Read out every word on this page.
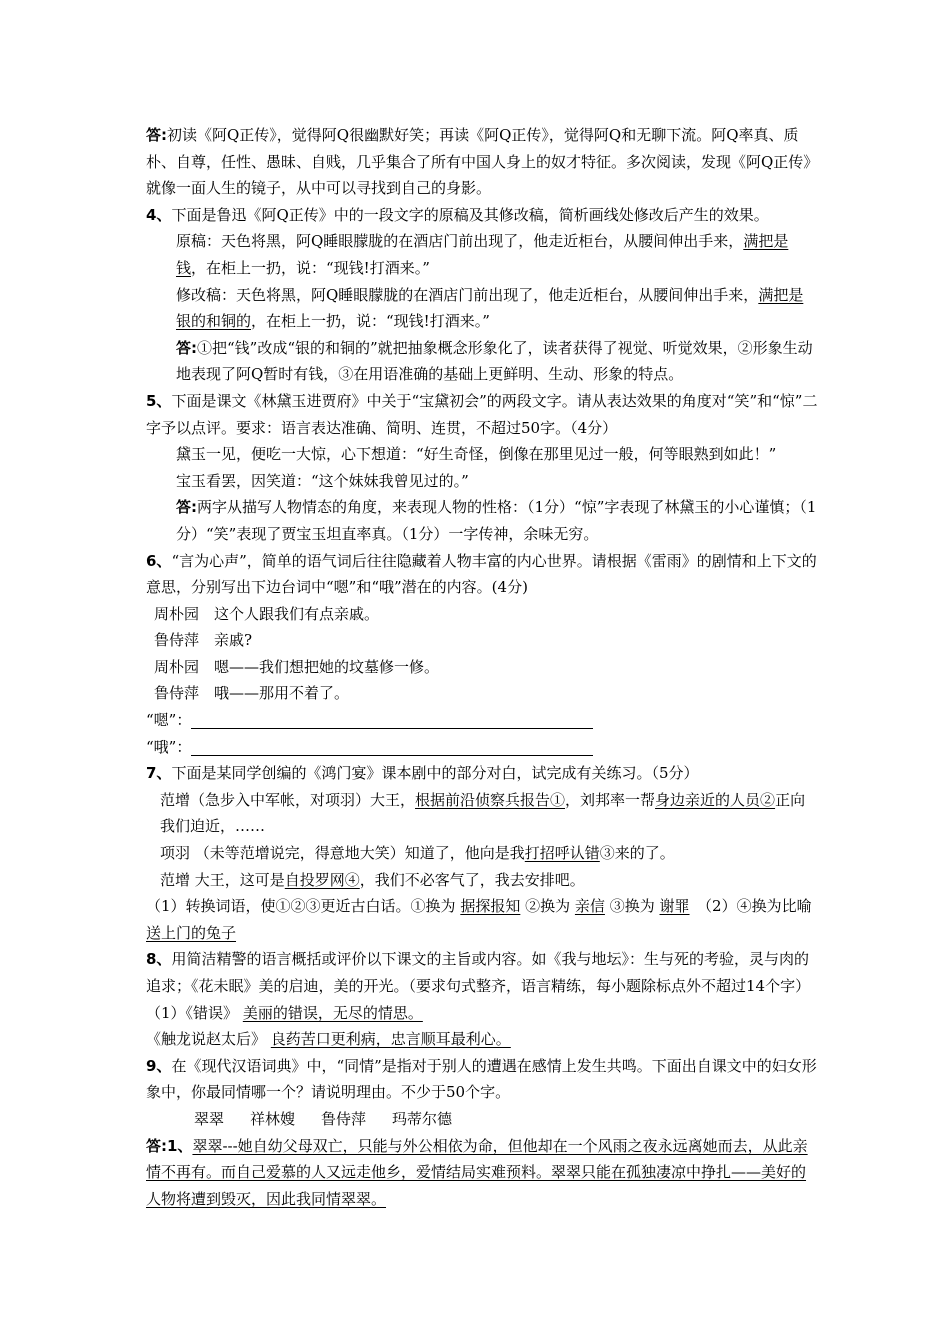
答:初读《阿Q正传》，觉得阿Q很幽默好笑；再读《阿Q正传》，觉得阿Q和无聊下流。阿Q率真、质朴、自尊，任性、愚昧、自贱，几乎集合了所有中国人身上的奴才特征。多次阅读，发现《阿Q正传》就像一面人生的镜子，从中可以寻找到自己的身影。

4、下面是鲁迅《阿Q正传》中的一段文字的原稿及其修改稿，简析画线处修改后产生的效果。

原稿：天色将黑，阿Q睡眼朦胧的在酒店门前出现了，他走近柜台，从腰间伸出手来，满把是钱，在柜上一扔，说：“现钱!打酒来。”

修改稿：天色将黑，阿Q睡眼朦胧的在酒店门前出现了，他走近柜台，从腰间伸出手来，满把是银的和铜的，在柜上一扔，说：“现钱!打酒来。”

答:①把“钱”改成“银的和铜的”就把抽象概念形象化了，读者获得了视觉、听觉效果，②形象生动地表现了阿Q暂时有钱，③在用语准确的基础上更鲜明、生动、形象的特点。

5、下面是课文《林黛玉进贾府》中关于“宝黛初会”的两段文字。请从表达效果的角度对“笑”和“惊”二字予以点评。要求：语言表达准确、简明、连贯，不超过50字。（4分）

黛玉一见，便吃一大惊，心下想道：“好生奇怪，倒像在那里见过一般，何等眼熟到如此！”

宝玉看罢，因笑道：“这个妹妹我曾见过的。”

答:两字从描写人物情态的角度，来表现人物的性格：（1分）“惊”字表现了林黛玉的小心谨慎；（1分）“笑”表现了贾宝玉坦直率真。（1分）一字传神，余味无穷。

6、“言为心声”，简单的语气词后往往隐藏着人物丰富的内心世界。请根据《雷雨》的剧情和上下文的意思，分别写出下边台词中“嗯”和“哦”潜在的内容。(4分)

周朴园　这个人跟我们有点亲戚。

鲁侍萍　亲戚?

周朴园　嗯——我们想把她的坟墓修一修。

鲁侍萍　哦——那用不着了。

“嗯”：

“哦”：

7、下面是某同学创编的《鸿门宴》课本剧中的部分对白，试完成有关练习。（5分）

范增（急步入中军帐，对项羽）大王，根据前沿侦察兵报告①，刘邦率一帮身边亲近的人员②正向我们迫近，……

项羽 （未等范增说完，得意地大笑）知道了，他向是我打招呼认错③来的了。

范增 大王，这可是自投罗网④，我们不必客气了，我去安排吧。

（1）转换词语，使①②③更近古白话。①换为 据探报知 ②换为 亲信 ③换为 谢罪　 （2）④换为比喻 送上门的兔子

8、用简洁精警的语言概括或评价以下课文的主旨或内容。如《我与地坛》：生与死的考验，灵与肉的追求；《花未眠》美的启迪，美的开光。（要求句式整齐，语言精练，每小题除标点外不超过14个字）

（1）《错误》 美丽的错误，无尽的情思。

《触龙说赵太后》 良药苦口更利病，忠言顺耳最利心。

9、在《现代汉语词典》中，“同情”是指对于别人的遭遇在感情上发生共鸣。下面出自课文中的妇女形象中，你最同情哪一个？请说明理由。不少于50个字。

翠翠 祥林嫂 鲁侍萍 玛蒂尔德

答:1、翠翠---她自幼父母双亡，只能与外公相依为命，但他却在一个风雨之夜永远离她而去，从此亲情不再有。而自己爱慕的人又远走他乡，爱情结局实难预料。翠翠只能在孤独凄凉中挣扎——美好的人物将遭到毁灭，因此我同情翠翠。
